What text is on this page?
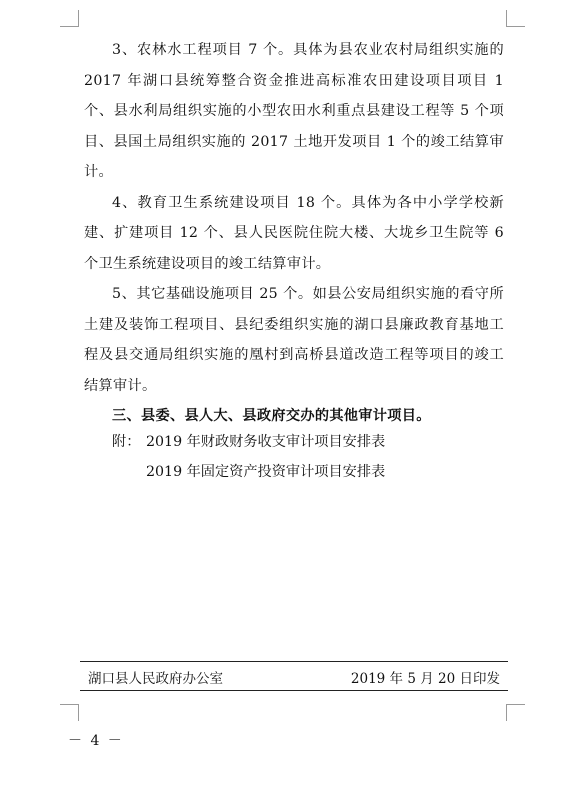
3、农林水工程项目 7 个。具体为县农业农村局组织实施的 2017 年湖口县统筹整合资金推进高标准农田建设项目项目 1 个、县水利局组织实施的小型农田水利重点县建设工程等 5 个项目、县国土局组织实施的 2017 土地开发项目 1 个的竣工结算审计。

4、教育卫生系统建设项目 18 个。具体为各中小学学校新建、扩建项目 12 个、县人民医院住院大楼、大垅乡卫生院等 6 个卫生系统建设项目的竣工结算审计。

5、其它基础设施项目 25 个。如县公安局组织实施的看守所土建及装饰工程项目、县纪委组织实施的湖口县廉政教育基地工程及县交通局组织实施的凰村到高桥县道改造工程等项目的竣工结算审计。

三、县委、县人大、县政府交办的其他审计项目。

附： 2019 年财政财务收支审计项目安排表
2019 年固定资产投资审计项目安排表
湖口县人民政府办公室	2019 年 5 月 20 日印发
－ 4 －
